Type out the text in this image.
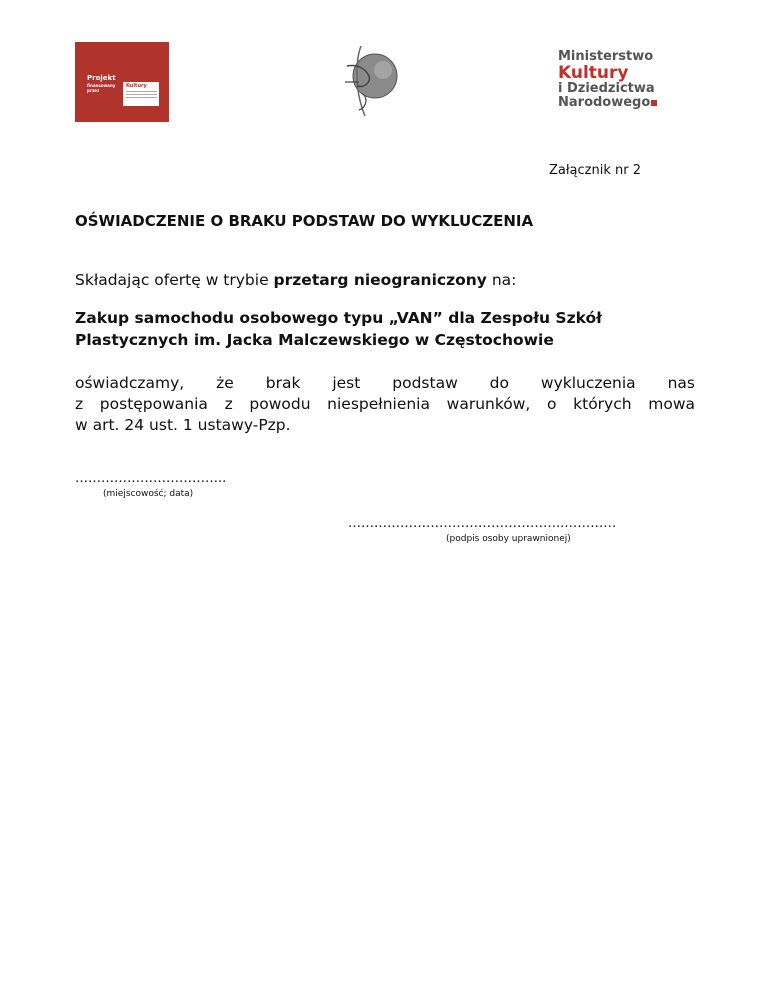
Projekt
finansowany
przez
Kultury
Ministerstwo
Kultury
i Dziedzictwa
Narodowego
Załącznik nr 2
OŚWIADCZENIE O BRAKU PODSTAW DO WYKLUCZENIA
Składając ofertę w trybie przetarg nieograniczony na:
Zakup samochodu osobowego typu „VAN” dla Zespołu Szkół Plastycznych im. Jacka Malczewskiego w Częstochowie
oświadczamy, że brak jest podstaw do wykluczenia nas
z postępowania z powodu niespełnienia warunków, o których mowa
w art. 24 ust. 1 ustawy-Pzp.
……………………………..
(miejscowość; data)
…………………………………………..…………
(podpis osoby uprawnionej)
